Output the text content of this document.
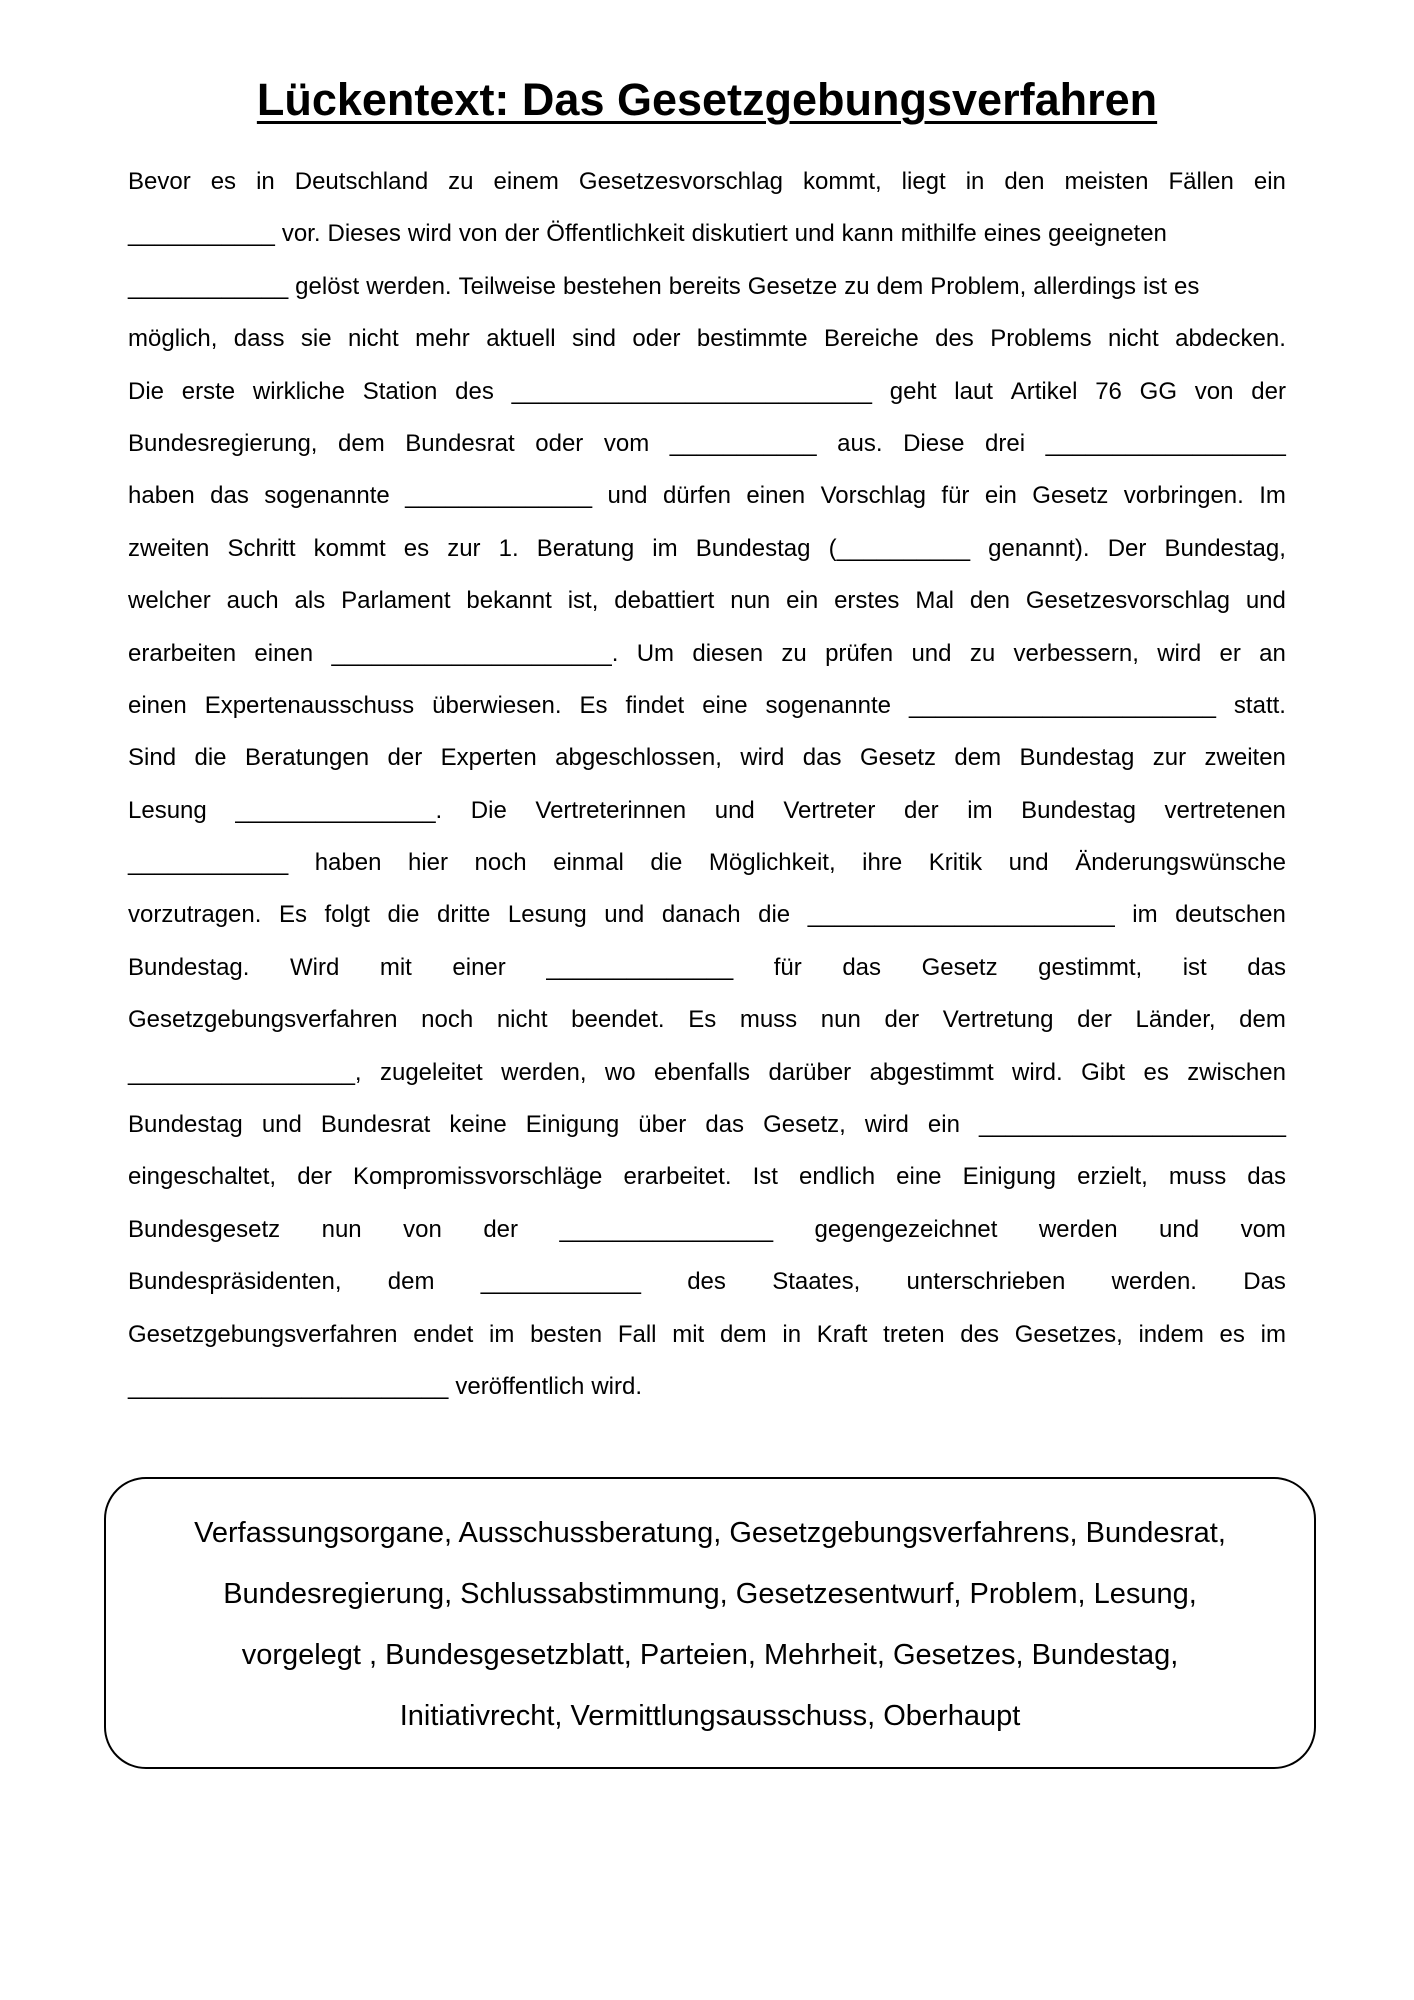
Lückentext: Das Gesetzgebungsverfahren
Bevor es in Deutschland zu einem Gesetzesvorschlag kommt, liegt in den meisten Fällen ein
___________ vor. Dieses wird von der Öffentlichkeit diskutiert und kann mithilfe eines geeigneten
____________ gelöst werden. Teilweise bestehen bereits Gesetze zu dem Problem, allerdings ist es
möglich, dass sie nicht mehr aktuell sind oder bestimmte Bereiche des Problems nicht abdecken.
Die erste wirkliche Station des ___________________________ geht laut Artikel 76 GG von der
Bundesregierung, dem Bundesrat oder vom ___________ aus. Diese drei __________________
haben das sogenannte ______________ und dürfen einen Vorschlag für ein Gesetz vorbringen. Im
zweiten Schritt kommt es zur 1. Beratung im Bundestag (__________ genannt). Der Bundestag,
welcher auch als Parlament bekannt ist, debattiert nun ein erstes Mal den Gesetzesvorschlag und
erarbeiten einen _____________________. Um diesen zu prüfen und zu verbessern, wird er an
einen Expertenausschuss überwiesen. Es findet eine sogenannte _______________________ statt.
Sind die Beratungen der Experten abgeschlossen, wird das Gesetz dem Bundestag zur zweiten
Lesung _______________. Die Vertreterinnen und Vertreter der im Bundestag vertretenen
____________ haben hier noch einmal die Möglichkeit, ihre Kritik und Änderungswünsche
vorzutragen. Es folgt die dritte Lesung und danach die _______________________ im deutschen
Bundestag. Wird mit einer ______________ für das Gesetz gestimmt, ist das
Gesetzgebungsverfahren noch nicht beendet. Es muss nun der Vertretung der Länder, dem
_________________, zugeleitet werden, wo ebenfalls darüber abgestimmt wird. Gibt es zwischen
Bundestag und Bundesrat keine Einigung über das Gesetz, wird ein _______________________
eingeschaltet, der Kompromissvorschläge erarbeitet. Ist endlich eine Einigung erzielt, muss das
Bundesgesetz nun von der ________________ gegengezeichnet werden und vom
Bundespräsidenten, dem ____________ des Staates, unterschrieben werden. Das
Gesetzgebungsverfahren endet im besten Fall mit dem in Kraft treten des Gesetzes, indem es im
________________________ veröffentlich wird.

Verfassungsorgane, Ausschussberatung, Gesetzgebungsverfahrens, Bundesrat,

Bundesregierung, Schlussabstimmung, Gesetzesentwurf, Problem, Lesung,

vorgelegt , Bundesgesetzblatt, Parteien, Mehrheit, Gesetzes, Bundestag,

Initiativrecht, Vermittlungsausschuss, Oberhaupt
